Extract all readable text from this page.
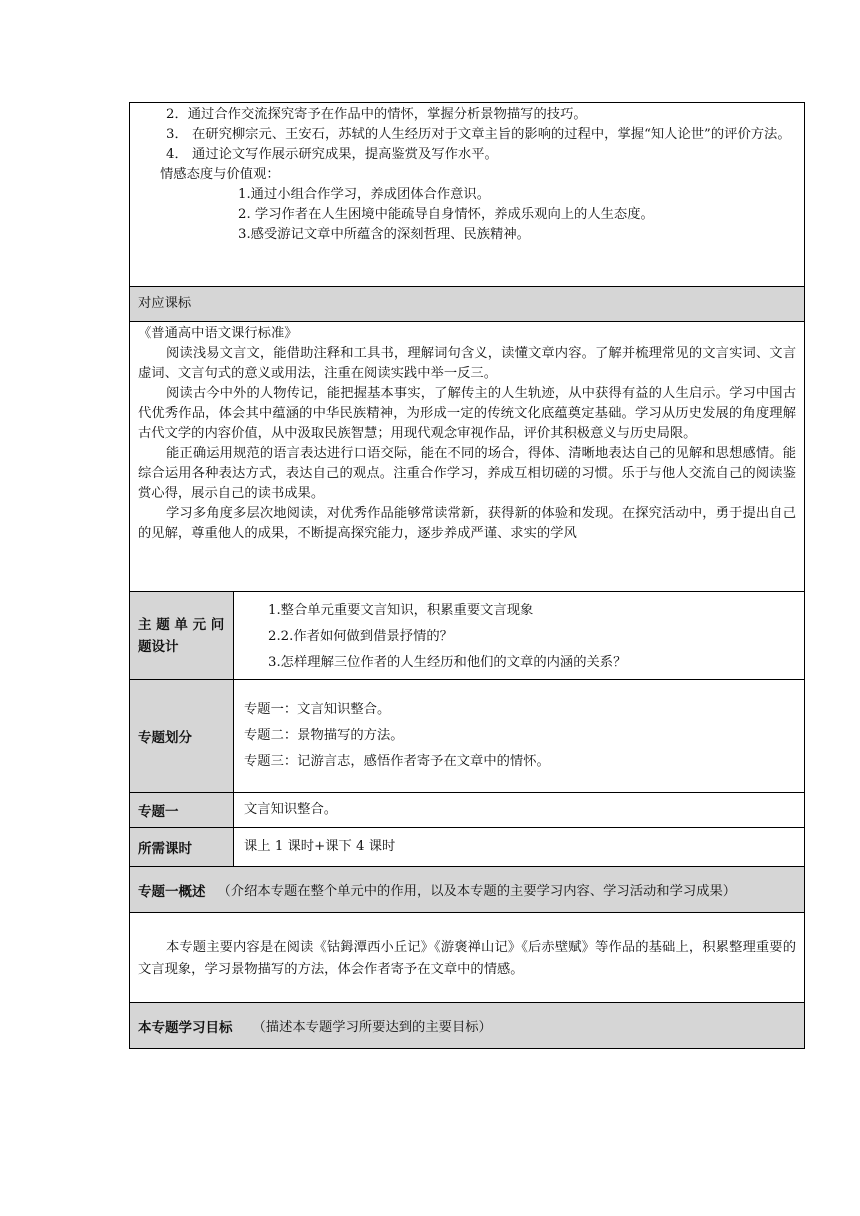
2．通过合作交流探究寄予在作品中的情怀，掌握分析景物描写的技巧。

3． 在研究柳宗元、王安石，苏轼的人生经历对于文章主旨的影响的过程中，掌握“知人论世”的评价方法。

4． 通过论文写作展示研究成果，提高鉴赏及写作水平。

情感态度与价值观：

1.通过小组合作学习，养成团体合作意识。

2. 学习作者在人生困境中能疏导自身情怀，养成乐观向上的人生态度。

3.感受游记文章中所蕴含的深刻哲理、民族精神。

对应课标

《普通高中语文课行标准》

阅读浅易文言文，能借助注释和工具书，理解词句含义，读懂文章内容。了解并梳理常见的文言实词、文言虚词、文言句式的意义或用法，注重在阅读实践中举一反三。

阅读古今中外的人物传记，能把握基本事实，了解传主的人生轨迹，从中获得有益的人生启示。学习中国古代优秀作品，体会其中蕴涵的中华民族精神，为形成一定的传统文化底蕴奠定基础。学习从历史发展的角度理解古代文学的内容价值，从中汲取民族智慧；用现代观念审视作品，评价其积极意义与历史局限。

能正确运用规范的语言表达进行口语交际，能在不同的场合，得体、清晰地表达自己的见解和思想感情。能综合运用各种表达方式，表达自己的观点。注重合作学习，养成互相切磋的习惯。乐于与他人交流自己的阅读鉴赏心得，展示自己的读书成果。

学习多角度多层次地阅读，对优秀作品能够常读常新，获得新的体验和发现。在探究活动中，勇于提出自己的见解，尊重他人的成果，不断提高探究能力，逐步养成严谨、求实的学风

主 题 单 元 问题设计

1.整合单元重要文言知识，积累重要文言现象

2.2.作者如何做到借景抒情的？

3.怎样理解三位作者的人生经历和他们的文章的内涵的关系？

专题划分

专题一：文言知识整合。

专题二：景物描写的方法。

专题三：记游言志，感悟作者寄予在文章中的情怀。

专题一	文言知识整合。
所需课时	课上 1 课时+课下 4 课时
专题一概述 （介绍本专题在整个单元中的作用，以及本专题的主要学习内容、学习活动和学习成果）

本专题主要内容是在阅读《钴鉧潭西小丘记》《游褒禅山记》《后赤壁赋》等作品的基础上，积累整理重要的文言现象，学习景物描写的方法，体会作者寄予在文章中的情感。

本专题学习目标 （描述本专题学习所要达到的主要目标）
